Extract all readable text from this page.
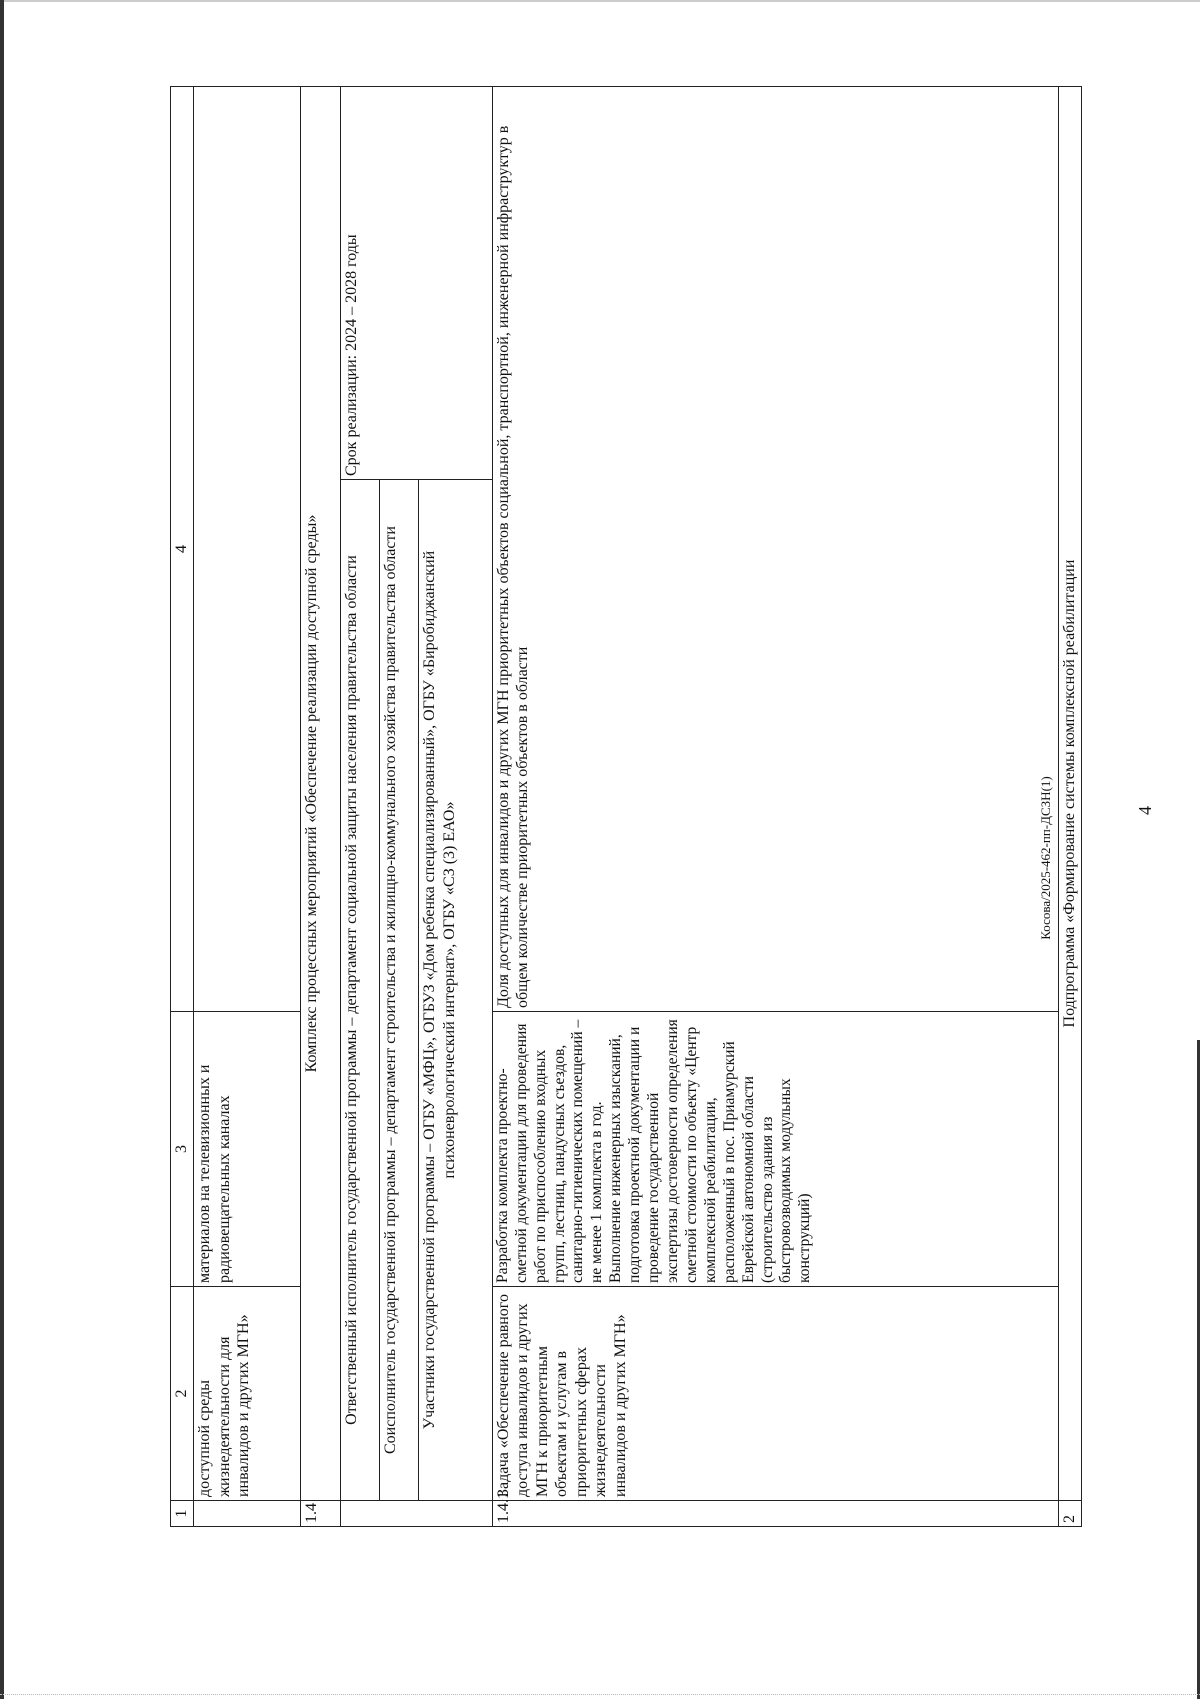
4
Косова/2025-462-пп-ДСЗН(1)
1	2	3	4	
	доступной среды жизнедеятельности для инвалидов и других МГН»	материалов на телевизионных и радиовещательных каналах		
1.4	Комплекс процессных мероприятий «Обеспечение реализации доступной среды»			
	Ответственный исполнитель государственной программы – департамент социальной защиты населения правительства области			Срок реализации: 2024 – 2028 годы
	Соисполнитель государственной программы – департамент строительства и жилищно-коммунального хозяйства правительства области			
	Участники государственной программы – ОГБУ «МФЦ», ОГБУЗ «Дом ребенка специализированный», ОГБУ «Биробиджанский психоневрологический интернат», ОГБУ «СЗ (3) ЕАО»			
1.4.1	Задача «Обеспечение равного доступа инвалидов и других МГН к приоритетным объектам и услугам в приоритетных сферах жизнедеятельности инвалидов и других МГН»	Разработка комплекта проектно-сметной документации для проведения работ по приспособлению входных групп, лестниц, пандусных съездов, санитарно-гигиенических помещений – не менее 1 комплекта в год. Выполнение инженерных изысканий, подготовка проектной документации и проведение государственной экспертизы достоверности определения сметной стоимости по объекту «Центр комплексной реабилитации, расположенный в пос. Приамурский Еврейской автономной области (строительство здания из быстровозводимых модульных конструкций)	Доля доступных для инвалидов и других МГН приоритетных объектов социальной, транспортной, инженерной инфраструктур в общем количестве приоритетных объектов в области	
2	Подпрограмма «Формирование системы комплексной реабилитации			
